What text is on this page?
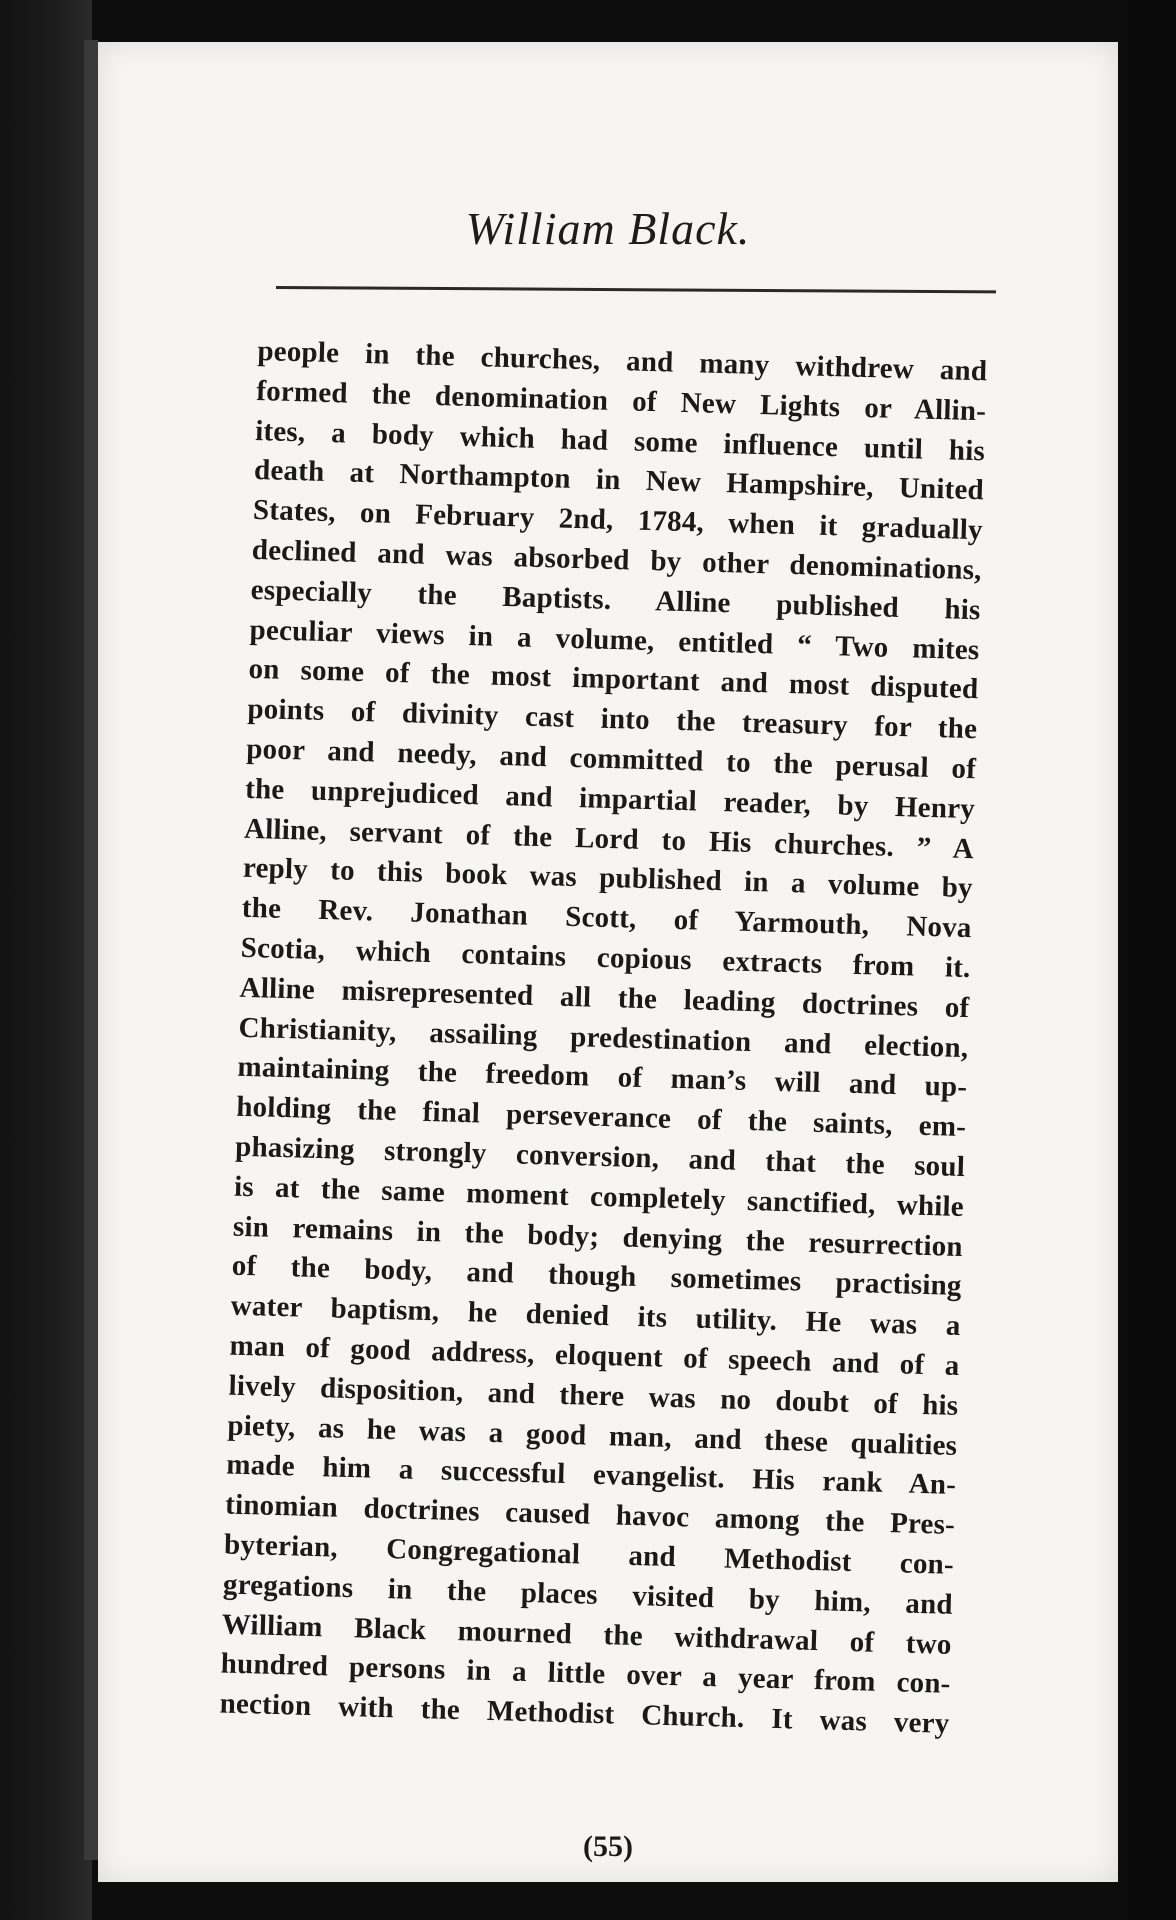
William Black.
people in the churches, and many withdrew and
formed the denomination of New Lights or Allin-
ites, a body which had some influence until his
death at Northampton in New Hampshire, United
States, on February 2nd, 1784, when it gradually
declined and was absorbed by other denominations,
especially the Baptists. Alline published his
peculiar views in a volume, entitled “ Two mites
on some of the most important and most disputed
points of divinity cast into the treasury for the
poor and needy, and committed to the perusal of
the unprejudiced and impartial reader, by Henry
Alline, servant of the Lord to His churches. ” A
reply to this book was published in a volume by
the Rev. Jonathan Scott, of Yarmouth, Nova
Scotia, which contains copious extracts from it.
Alline misrepresented all the leading doctrines of
Christianity, assailing predestination and election,
maintaining the freedom of man’s will and up-
holding the final perseverance of the saints, em-
phasizing strongly conversion, and that the soul
is at the same moment completely sanctified, while
sin remains in the body; denying the resurrection
of the body, and though sometimes practising
water baptism, he denied its utility. He was a
man of good address, eloquent of speech and of a
lively disposition, and there was no doubt of his
piety, as he was a good man, and these qualities
made him a successful evangelist. His rank An-
tinomian doctrines caused havoc among the Pres-
byterian, Congregational and Methodist con-
gregations in the places visited by him, and
William Black mourned the withdrawal of two
hundred persons in a little over a year from con-
nection with the Methodist Church. It was very
(55)
